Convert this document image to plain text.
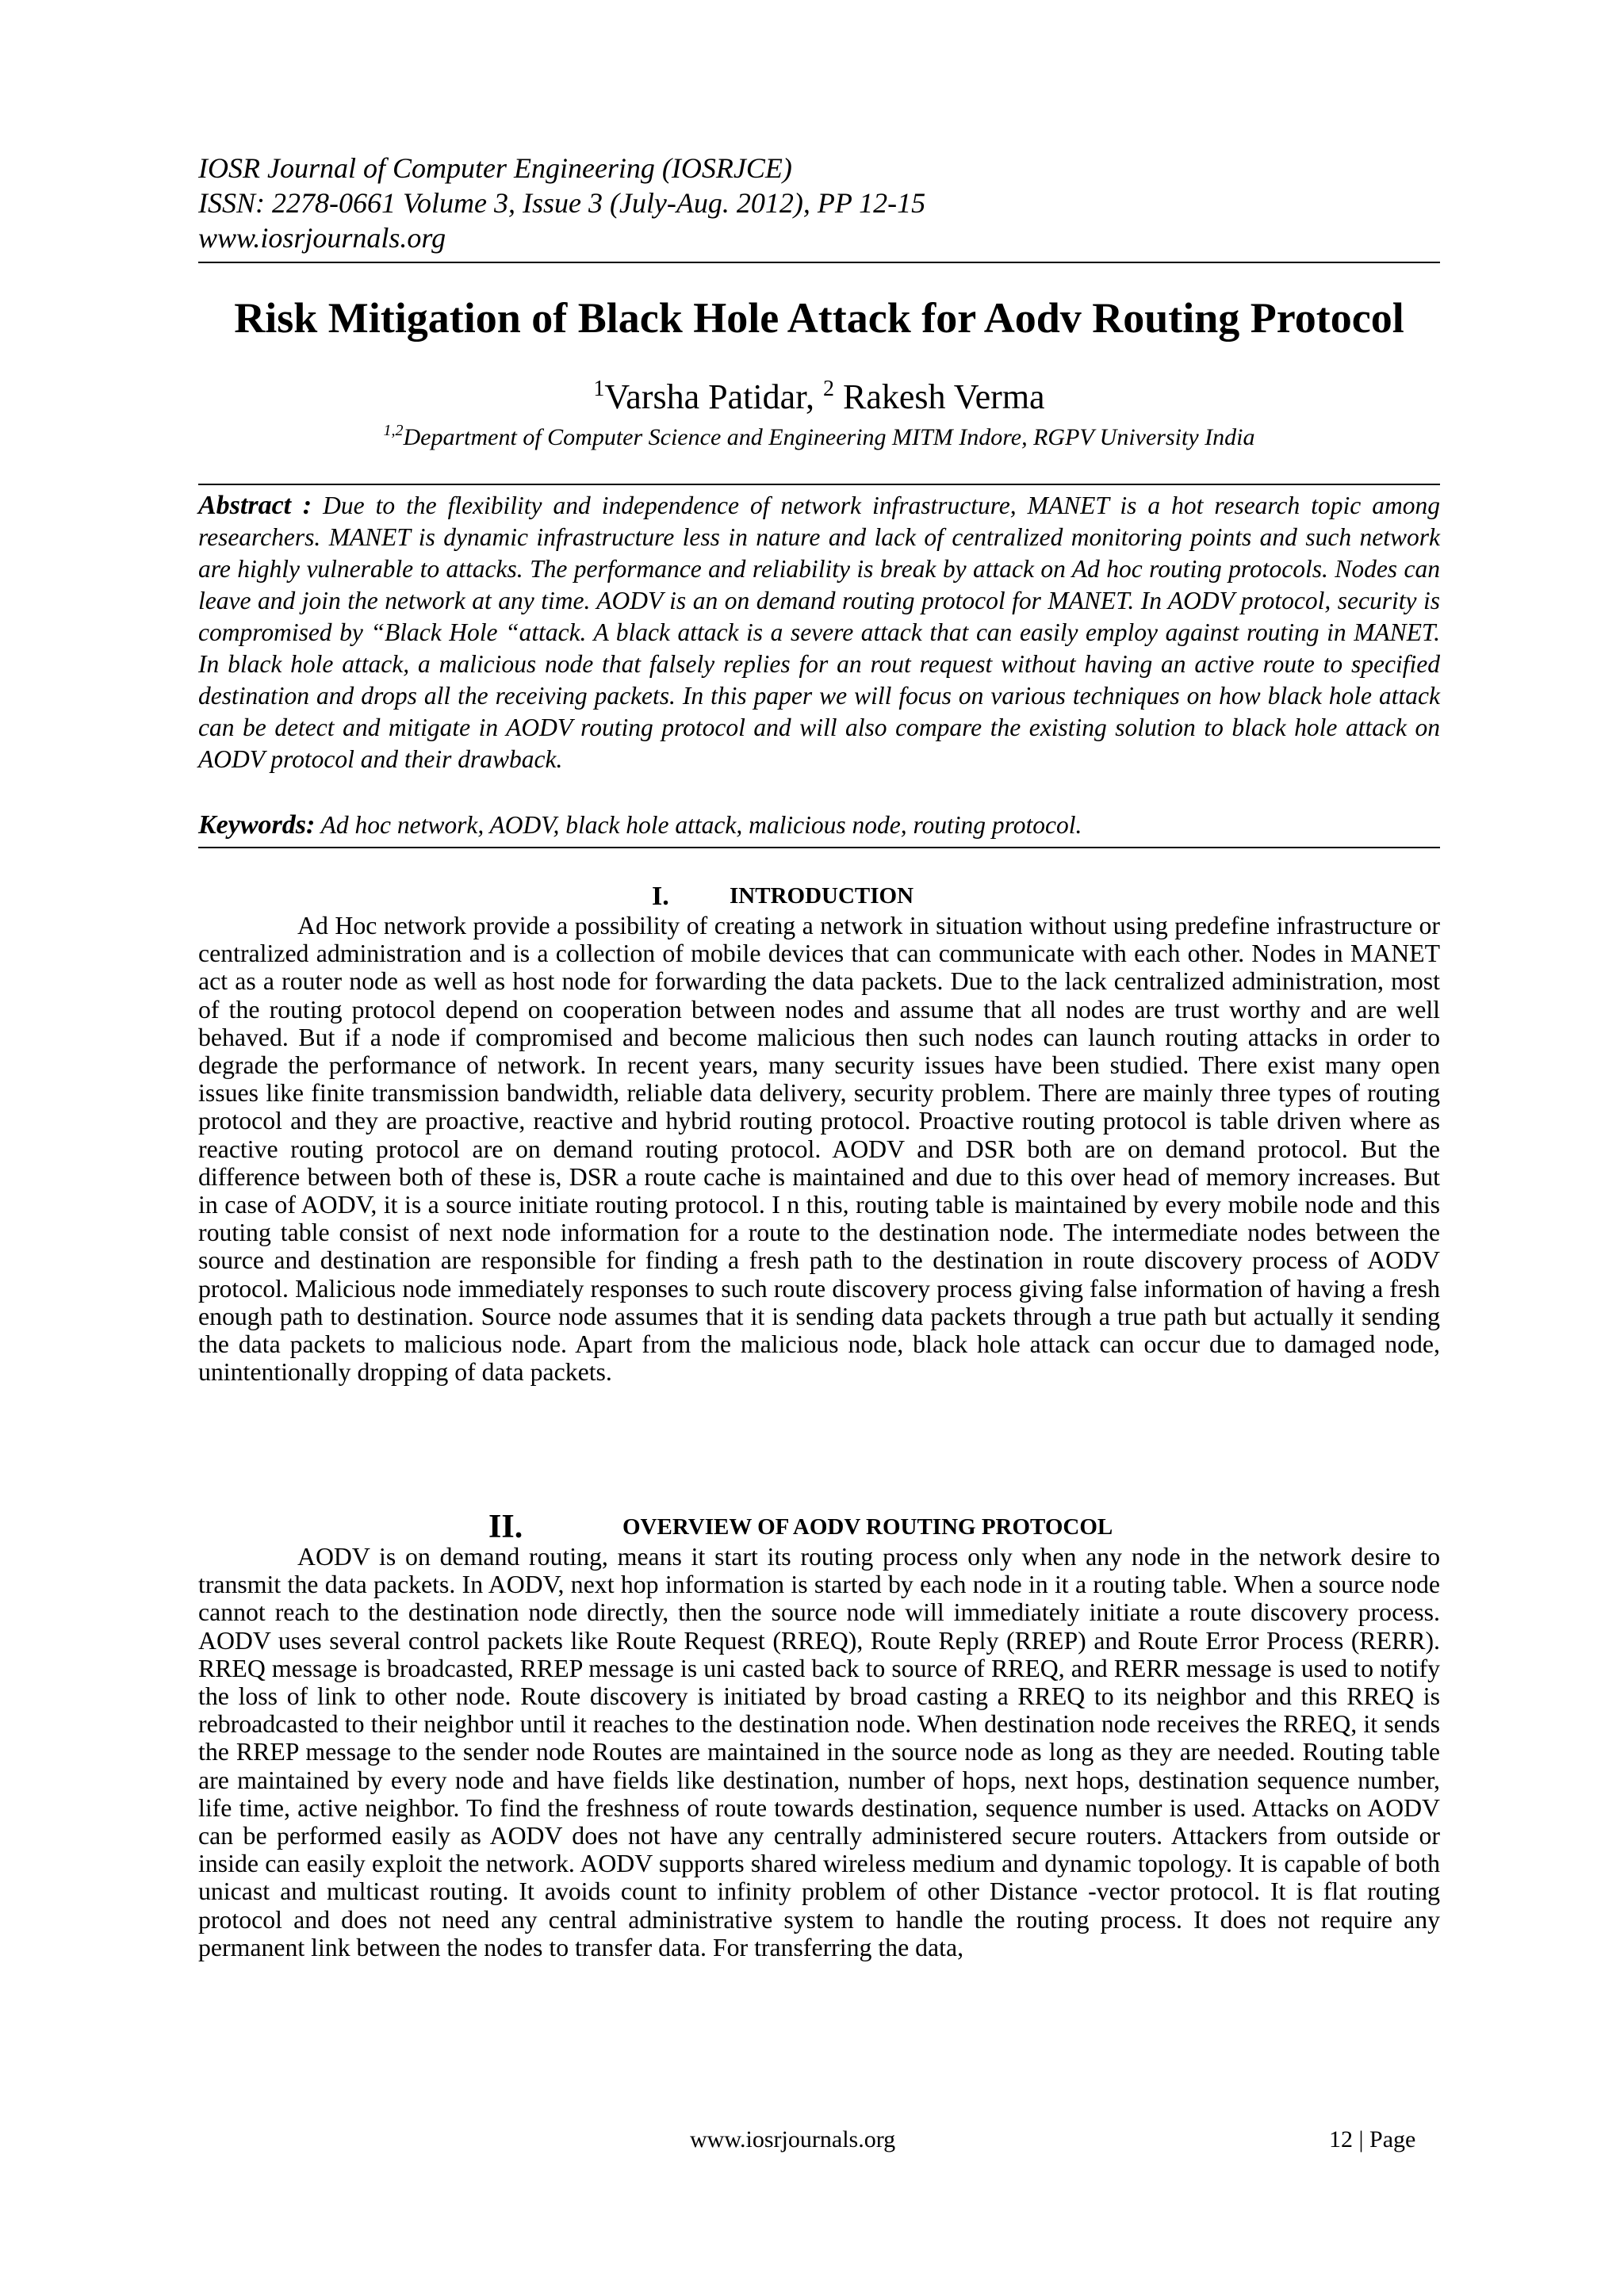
IOSR Journal of Computer Engineering (IOSRJCE)
ISSN: 2278-0661 Volume 3, Issue 3 (July-Aug. 2012), PP 12-15
www.iosrjournals.org
Risk Mitigation of Black Hole Attack for Aodv Routing Protocol
$^1$Varsha Patidar, $^2$ Rakesh Verma
$^{1,2}$Department of Computer Science and Engineering MITM Indore, RGPV University India
Abstract : Due to the flexibility and independence of network infrastructure, MANET is a hot research topic among researchers. MANET is dynamic infrastructure less in nature and lack of centralized monitoring points and such network are highly vulnerable to attacks. The performance and reliability is break by attack on Ad hoc routing protocols. Nodes can leave and join the network at any time. AODV is an on demand routing protocol for MANET. In AODV protocol, security is compromised by “Black Hole “attack. A black attack is a severe attack that can easily employ against routing in MANET. In black hole attack, a malicious node that falsely replies for an rout request without having an active route to specified destination and drops all the receiving packets. In this paper we will focus on various techniques on how black hole attack can be detect and mitigate in AODV routing protocol and will also compare the existing solution to black hole attack on AODV protocol and their drawback.
Keywords: Ad hoc network, AODV, black hole attack, malicious node, routing protocol.
I.	INTRODUCTION
Ad Hoc network provide a possibility of creating a network in situation without using predefine infrastructure or centralized administration and is a collection of mobile devices that can communicate with each other. Nodes in MANET act as a router node as well as host node for forwarding the data packets. Due to the lack centralized administration, most of the routing protocol depend on cooperation between nodes and assume that all nodes are trust worthy and are well behaved. But if a node if compromised and become malicious then such nodes can launch routing attacks in order to degrade the performance of network. In recent years, many security issues have been studied. There exist many open issues like finite transmission bandwidth, reliable data delivery, security problem. There are mainly three types of routing protocol and they are proactive, reactive and hybrid routing protocol. Proactive routing protocol is table driven where as reactive routing protocol are on demand routing protocol. AODV and DSR both are on demand protocol. But the difference between both of these is, DSR a route cache is maintained and due to this over head of memory increases. But in case of AODV, it is a source initiate routing protocol. I n this, routing table is maintained by every mobile node and this routing table consist of next node information for a route to the destination node. The intermediate nodes between the source and destination are responsible for finding a fresh path to the destination in route discovery process of AODV protocol. Malicious node immediately responses to such route discovery process giving false information of having a fresh enough path to destination. Source node assumes that it is sending data packets through a true path but actually it sending the data packets to malicious node. Apart from the malicious node, black hole attack can occur due to damaged node, unintentionally dropping of data packets.
II.	OVERVIEW OF AODV ROUTING PROTOCOL
AODV is on demand routing, means it start its routing process only when any node in the network desire to transmit the data packets. In AODV, next hop information is started by each node in it a routing table. When a source node cannot reach to the destination node directly, then the source node will immediately initiate a route discovery process. AODV uses several control packets like Route Request (RREQ), Route Reply (RREP) and Route Error Process (RERR). RREQ message is broadcasted, RREP message is uni casted back to source of RREQ, and RERR message is used to notify the loss of link to other node. Route discovery is initiated by broad casting a RREQ to its neighbor and this RREQ is rebroadcasted to their neighbor until it reaches to the destination node. When destination node receives the RREQ, it sends the RREP message to the sender node Routes are maintained in the source node as long as they are needed. Routing table are maintained by every node and have fields like destination, number of hops, next hops, destination sequence number, life time, active neighbor. To find the freshness of route towards destination, sequence number is used. Attacks on AODV can be performed easily as AODV does not have any centrally administered secure routers. Attackers from outside or inside can easily exploit the network. AODV supports shared wireless medium and dynamic topology. It is capable of both unicast and multicast routing. It avoids count to infinity problem of other Distance -vector protocol. It is flat routing protocol and does not need any central administrative system to handle the routing process. It does not require any permanent link between the nodes to transfer data. For transferring the data,
www.iosrjournals.org	12 | Page
